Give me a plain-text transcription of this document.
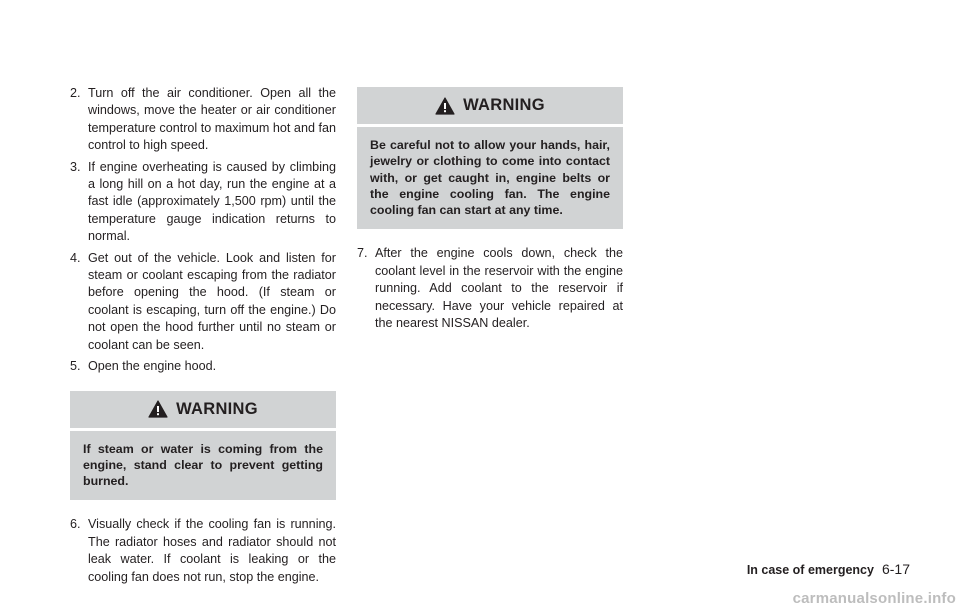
2. Turn off the air conditioner. Open all the windows, move the heater or air conditioner temperature control to maximum hot and fan control to high speed.

3. If engine overheating is caused by climbing a long hill on a hot day, run the engine at a fast idle (approximately 1,500 rpm) until the temperature gauge indication returns to normal.

4. Get out of the vehicle. Look and listen for steam or coolant escaping from the radiator before opening the hood. (If steam or coolant is escaping, turn off the engine.) Do not open the hood further until no steam or coolant can be seen.

5. Open the engine hood.

WARNING
If steam or water is coming from the engine, stand clear to prevent getting burned.

6. Visually check if the cooling fan is running. The radiator hoses and radiator should not leak water. If coolant is leaking or the cooling fan does not run, stop the engine.

WARNING
Be careful not to allow your hands, hair, jewelry or clothing to come into contact with, or get caught in, engine belts or the engine cooling fan. The engine cooling fan can start at any time.

7. After the engine cools down, check the coolant level in the reservoir with the engine running. Add coolant to the reservoir if necessary. Have your vehicle repaired at the nearest NISSAN dealer.

In case of emergency 6-17
carmanualsonline.info
